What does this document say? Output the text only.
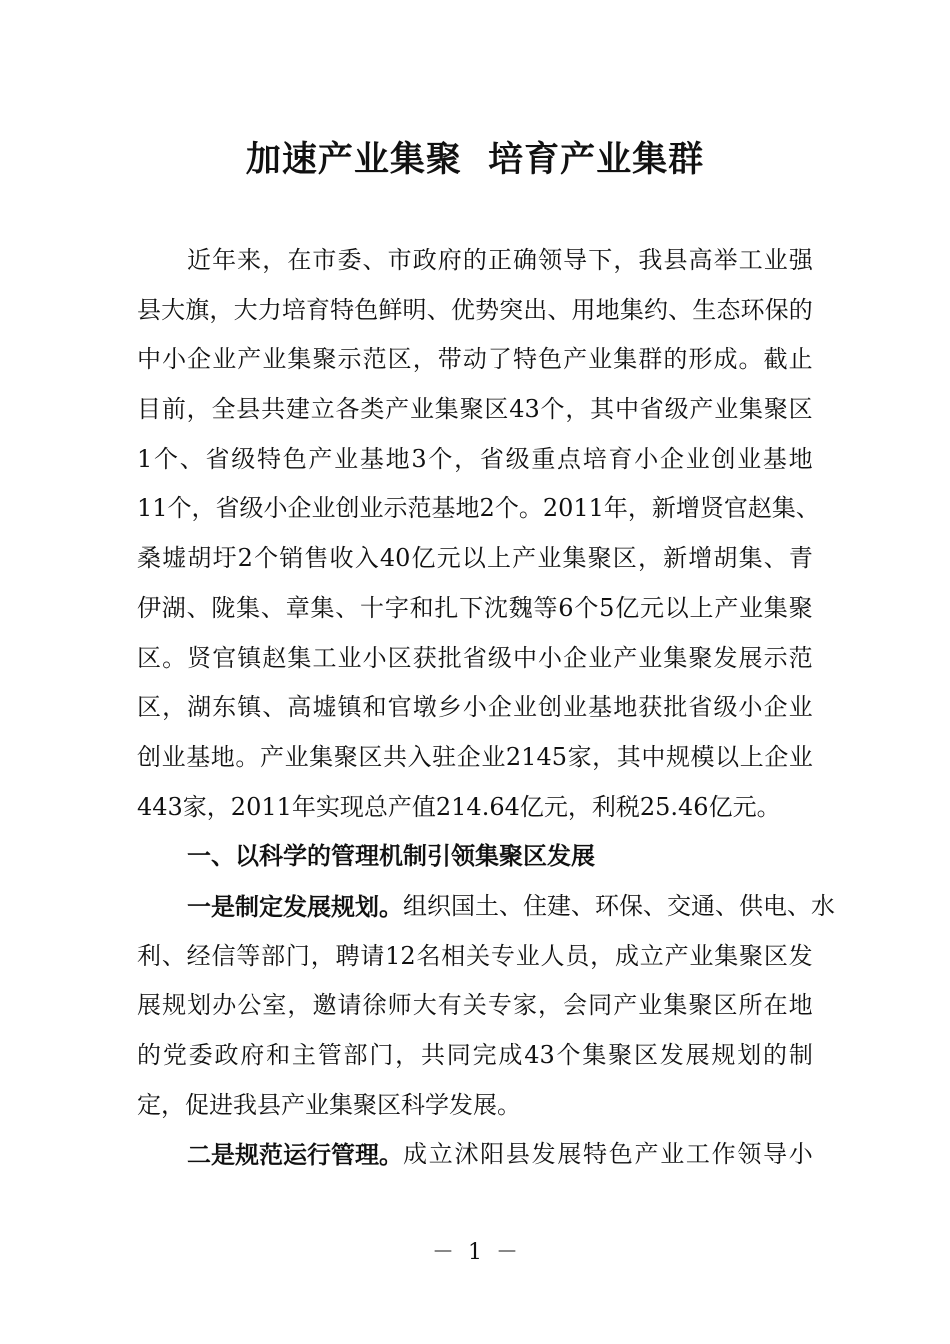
加速产业集聚  培育产业集群
近 年 来 ， 在 市 委 、 市 政 府 的 正 确 领 导 下 ， 我 县 高 举 工 业 强
县 大 旗 ， 大 力 培 育 特 色 鲜 明 、 优 势 突 出 、 用 地 集 约 、 生 态 环 保 的
中 小 企 业 产 业 集 聚 示 范 区 ， 带 动 了 特 色 产 业 集 群 的 形 成 。 截 止
目 前 ， 全 县 共 建 立 各 类 产 业 集 聚 区 43 个 ， 其 中 省 级 产 业 集 聚 区
1 个 、 省 级 特 色 产 业 基 地 3 个 ， 省 级 重 点 培 育 小 企 业 创 业 基 地
11 个 ， 省 级 小 企 业 创 业 示 范 基 地 2 个 。 2011 年 ， 新 增 贤 官 赵 集 、
桑 墟 胡 圩 2 个 销 售 收 入 40 亿 元 以 上 产 业 集 聚 区 ， 新 增 胡 集 、 青
伊 湖 、 陇 集 、 章 集 、 十 字 和 扎 下 沈 魏 等 6 个 5 亿 元 以 上 产 业 集 聚
区 。 贤 官 镇 赵 集 工 业 小 区 获 批 省 级 中 小 企 业 产 业 集 聚 发 展 示 范
区 ， 湖 东 镇 、 高 墟 镇 和 官 墩 乡 小 企 业 创 业 基 地 获 批 省 级 小 企 业
创 业 基 地 。 产 业 集 聚 区 共 入 驻 企 业 2145 家 ， 其 中 规 模 以 上 企 业
443家，2011年实现总产值214.64亿元，利税25.46亿元。
一、以科学的管理机制引领集聚区发展
一是制定发展规划。 组 织 国 土 、 住 建 、 环 保 、 交 通 、 供 电 、 水
利 、 经 信 等 部 门 ， 聘 请 12 名 相 关 专 业 人 员 ， 成 立 产 业 集 聚 区 发
展 规 划 办 公 室 ， 邀 请 徐 师 大 有 关 专 家 ， 会 同 产 业 集 聚 区 所 在 地
的 党 委 政 府 和 主 管 部 门 ， 共 同 完 成 43 个 集 聚 区 发 展 规 划 的 制
定，促进我县产业集聚区科学发展。
二是规范运行管理。 成 立 沭 阳 县 发 展 特 色 产 业 工 作 领 导 小
－  1  －
